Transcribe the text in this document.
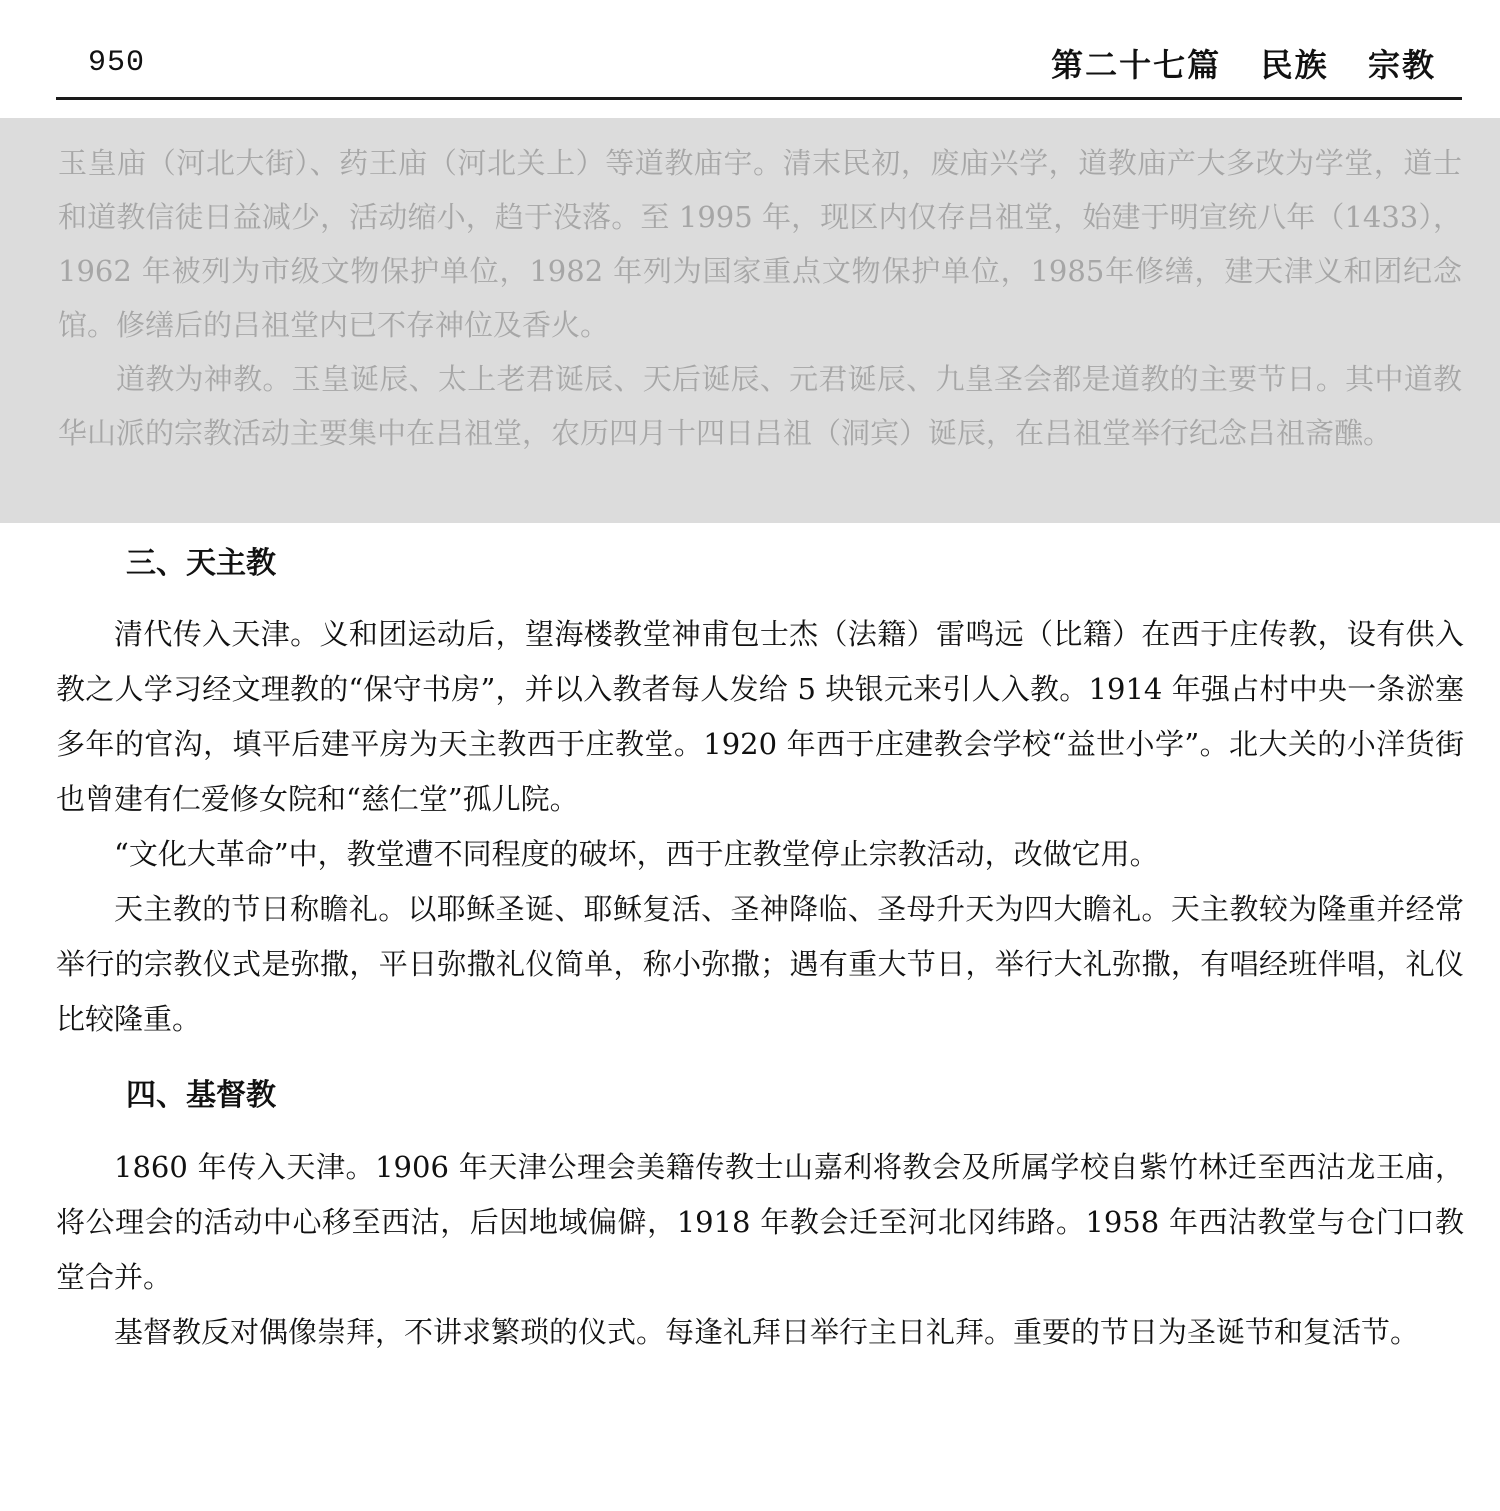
950	第二十七篇   民族   宗教

玉皇庙（河北大街）、药王庙（河北关上）等道教庙宇。清末民初，废庙兴学，道教庙产大多改为学堂，道士和道教信徒日益减少，活动缩小，趋于没落。至 1995 年，现区内仅存吕祖堂，始建于明宣统八年（1433），1962 年被列为市级文物保护单位，1982 年列为国家重点文物保护单位，1985年修缮，建天津义和团纪念馆。修缮后的吕祖堂内已不存神位及香火。

道教为神教。玉皇诞辰、太上老君诞辰、天后诞辰、元君诞辰、九皇圣会都是道教的主要节日。其中道教华山派的宗教活动主要集中在吕祖堂，农历四月十四日吕祖（洞宾）诞辰，在吕祖堂举行纪念吕祖斋醮。

三、天主教

清代传入天津。义和团运动后，望海楼教堂神甫包士杰（法籍）雷鸣远（比籍）在西于庄传教，设有供入教之人学习经文理教的“保守书房”，并以入教者每人发给 5 块银元来引人入教。1914 年强占村中央一条淤塞多年的官沟，填平后建平房为天主教西于庄教堂。1920 年西于庄建教会学校“益世小学”。北大关的小洋货街也曾建有仁爱修女院和“慈仁堂”孤儿院。

“文化大革命”中，教堂遭不同程度的破坏，西于庄教堂停止宗教活动，改做它用。

天主教的节日称瞻礼。以耶稣圣诞、耶稣复活、圣神降临、圣母升天为四大瞻礼。天主教较为隆重并经常举行的宗教仪式是弥撒，平日弥撒礼仪简单，称小弥撒；遇有重大节日，举行大礼弥撒，有唱经班伴唱，礼仪比较隆重。

四、基督教

1860 年传入天津。1906 年天津公理会美籍传教士山嘉利将教会及所属学校自紫竹林迁至西沽龙王庙，将公理会的活动中心移至西沽，后因地域偏僻，1918 年教会迁至河北冈纬路。1958 年西沽教堂与仓门口教堂合并。

基督教反对偶像崇拜，不讲求繁琐的仪式。每逢礼拜日举行主日礼拜。重要的节日为圣诞节和复活节。
